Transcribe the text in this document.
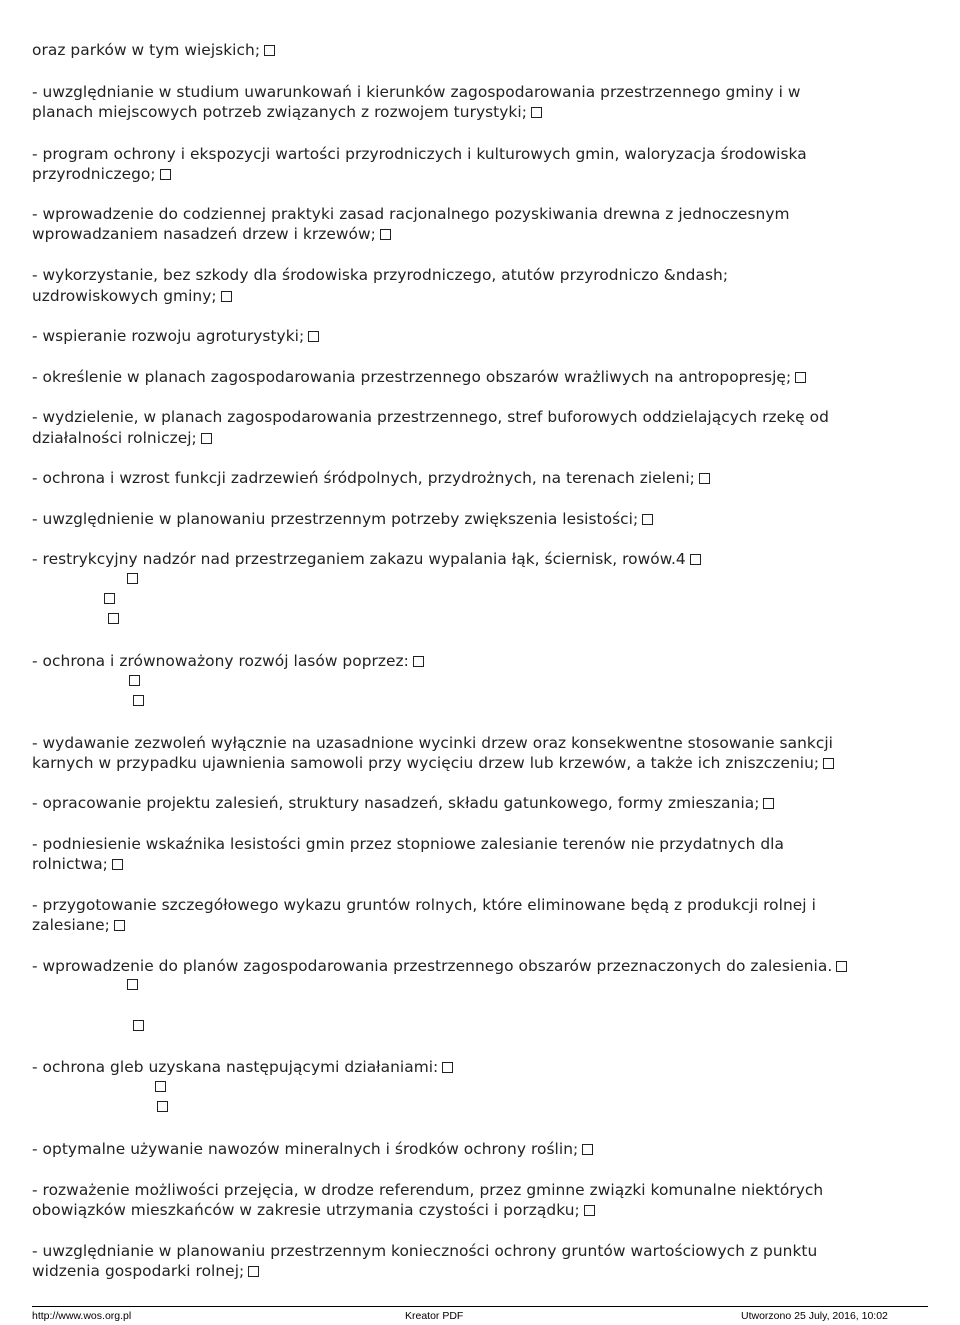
oraz parków w tym wiejskich;
- uwzględnianie w studium uwarunkowań i kierunków zagospodarowania przestrzennego gminy i w
planach miejscowych potrzeb związanych z rozwojem turystyki;
- program ochrony i ekspozycji wartości przyrodniczych i kulturowych gmin, waloryzacja środowiska
przyrodniczego;
- wprowadzenie do codziennej praktyki zasad racjonalnego pozyskiwania drewna z jednoczesnym
wprowadzaniem nasadzeń drzew i krzewów;
- wykorzystanie, bez szkody dla środowiska przyrodniczego, atutów przyrodniczo &ndash;
uzdrowiskowych gminy;
- wspieranie rozwoju agroturystyki;
- określenie w planach zagospodarowania przestrzennego obszarów wrażliwych na antropopresję;
- wydzielenie, w planach zagospodarowania przestrzennego, stref buforowych oddzielających rzekę od
działalności rolniczej;
- ochrona i wzrost funkcji zadrzewień śródpolnych, przydrożnych, na terenach zieleni;
- uwzględnienie w planowaniu przestrzennym potrzeby zwiększenia lesistości;
- restrykcyjny nadzór nad przestrzeganiem zakazu wypalania łąk, ściernisk, rowów.4
- ochrona i zrównoważony rozwój lasów poprzez:
- wydawanie zezwoleń wyłącznie na uzasadnione wycinki drzew oraz konsekwentne stosowanie sankcji
karnych w przypadku ujawnienia samowoli przy wycięciu drzew lub krzewów, a także ich zniszczeniu;
- opracowanie projektu zalesień, struktury nasadzeń, składu gatunkowego, formy zmieszania;
- podniesienie wskaźnika lesistości gmin przez stopniowe zalesianie terenów nie przydatnych dla
rolnictwa;
- przygotowanie szczegółowego wykazu gruntów rolnych, które eliminowane będą z produkcji rolnej i
zalesiane;
- wprowadzenie do planów zagospodarowania przestrzennego obszarów przeznaczonych do zalesienia.
- ochrona gleb uzyskana następującymi działaniami:
- optymalne używanie nawozów mineralnych i środków ochrony roślin;
- rozważenie możliwości przejęcia, w drodze referendum, przez gminne związki komunalne niektórych
obowiązków mieszkańców w zakresie utrzymania czystości i porządku;
- uwzględnianie w planowaniu przestrzennym konieczności ochrony gruntów wartościowych z punktu
widzenia gospodarki rolnej;
http://www.wos.org.pl	Kreator PDF	Utworzono 25 July, 2016, 10:02
